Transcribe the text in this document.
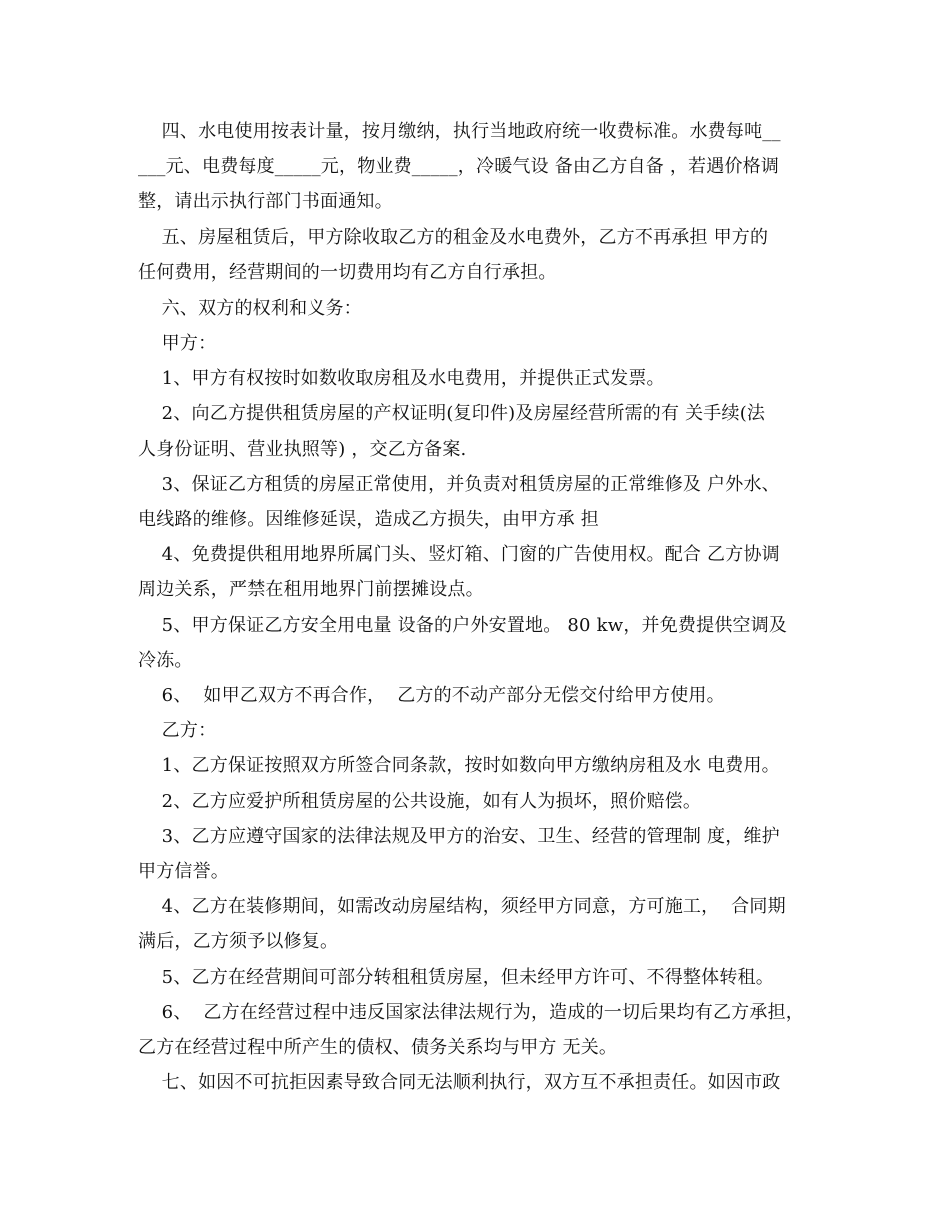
四、水电使用按表计量，按月缴纳，执行当地政府统一收费标准。水费每吨__
___元、电费每度_____元，物业费_____，冷暖气设 备由乙方自备 ，若遇价格调
整，请出示执行部门书面通知。
五、房屋租赁后，甲方除收取乙方的租金及水电费外，乙方不再承担 甲方的
任何费用，经营期间的一切费用均有乙方自行承担。
六、双方的权利和义务：
甲方：
1、甲方有权按时如数收取房租及水电费用，并提供正式发票。
2、向乙方提供租赁房屋的产权证明(复印件)及房屋经营所需的有 关手续(法
人身份证明、营业执照等) ，交乙方备案.
3、保证乙方租赁的房屋正常使用，并负责对租赁房屋的正常维修及 户外水、
电线路的维修。因维修延误，造成乙方损失，由甲方承 担
4、免费提供租用地界所属门头、竖灯箱、门窗的广告使用权。配合 乙方协调
周边关系，严禁在租用地界门前摆摊设点。
5、甲方保证乙方安全用电量 设备的户外安置地。 80 kw，并免费提供空调及
冷冻。
6、  如甲乙双方不再合作，  乙方的不动产部分无偿交付给甲方使用。
乙方：
1、乙方保证按照双方所签合同条款，按时如数向甲方缴纳房租及水 电费用。
2、乙方应爱护所租赁房屋的公共设施，如有人为损坏，照价赔偿。
3、乙方应遵守国家的法律法规及甲方的治安、卫生、经营的管理制 度，维护
甲方信誉。
4、乙方在装修期间，如需改动房屋结构，须经甲方同意，方可施工，  合同期
满后，乙方须予以修复。
5、乙方在经营期间可部分转租租赁房屋，但未经甲方许可、不得整体转租。
6、  乙方在经营过程中违反国家法律法规行为，造成的一切后果均有乙方承担，
乙方在经营过程中所产生的债权、债务关系均与甲方 无关。
七、如因不可抗拒因素导致合同无法顺利执行，双方互不承担责任。如因市政
